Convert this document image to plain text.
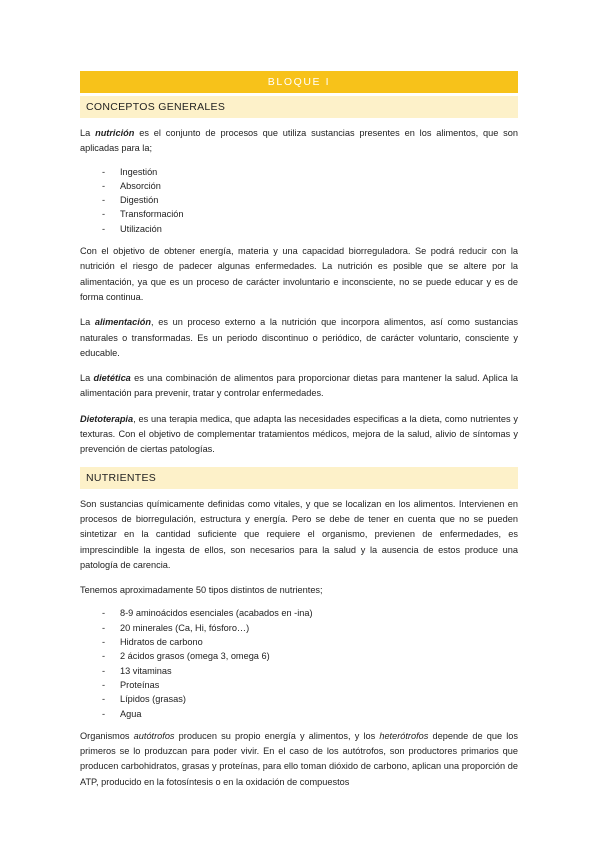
BLOQUE I
CONCEPTOS GENERALES

La nutrición es el conjunto de procesos que utiliza sustancias presentes en los alimentos, que son aplicadas para la;

- Ingestión
- Absorción
- Digestión
- Transformación
- Utilización

Con el objetivo de obtener energía, materia y una capacidad biorreguladora. Se podrá reducir con la nutrición el riesgo de padecer algunas enfermedades. La nutrición es posible que se altere por la alimentación, ya que es un proceso de carácter involuntario e inconsciente, no se puede educar y es de forma continua.

La alimentación, es un proceso externo a la nutrición que incorpora alimentos, así como sustancias naturales o transformadas. Es un periodo discontinuo o periódico, de carácter voluntario, consciente y educable.

La dietética es una combinación de alimentos para proporcionar dietas para mantener la salud. Aplica la alimentación para prevenir, tratar y controlar enfermedades.

Dietoterapia, es una terapia medica, que adapta las necesidades especificas a la dieta, como nutrientes y texturas. Con el objetivo de complementar tratamientos médicos, mejora de la salud, alivio de síntomas y prevención de ciertas patologías.

NUTRIENTES

Son sustancias químicamente definidas como vitales, y que se localizan en los alimentos. Intervienen en procesos de biorregulación, estructura y energía. Pero se debe de tener en cuenta que no se pueden sintetizar en la cantidad suficiente que requiere el organismo, previenen de enfermedades, es imprescindible la ingesta de ellos, son necesarios para la salud y la ausencia de estos produce una patología de carencia.

Tenemos aproximadamente 50 tipos distintos de nutrientes;

- 8-9 aminoácidos esenciales (acabados en -ina)
- 20 minerales (Ca, Hi, fósforo…)
- Hidratos de carbono
- 2 ácidos grasos (omega 3, omega 6)
- 13 vitaminas
- Proteínas
- Lípidos (grasas)
- Agua

Organismos autótrofos producen su propio energía y alimentos, y los heterótrofos depende de que los primeros se lo produzcan para poder vivir. En el caso de los autótrofos, son productores primarios que producen carbohidratos, grasas y proteínas, para ello toman dióxido de carbono, aplican una proporción de ATP, producido en la fotosíntesis o en la oxidación de compuestos
